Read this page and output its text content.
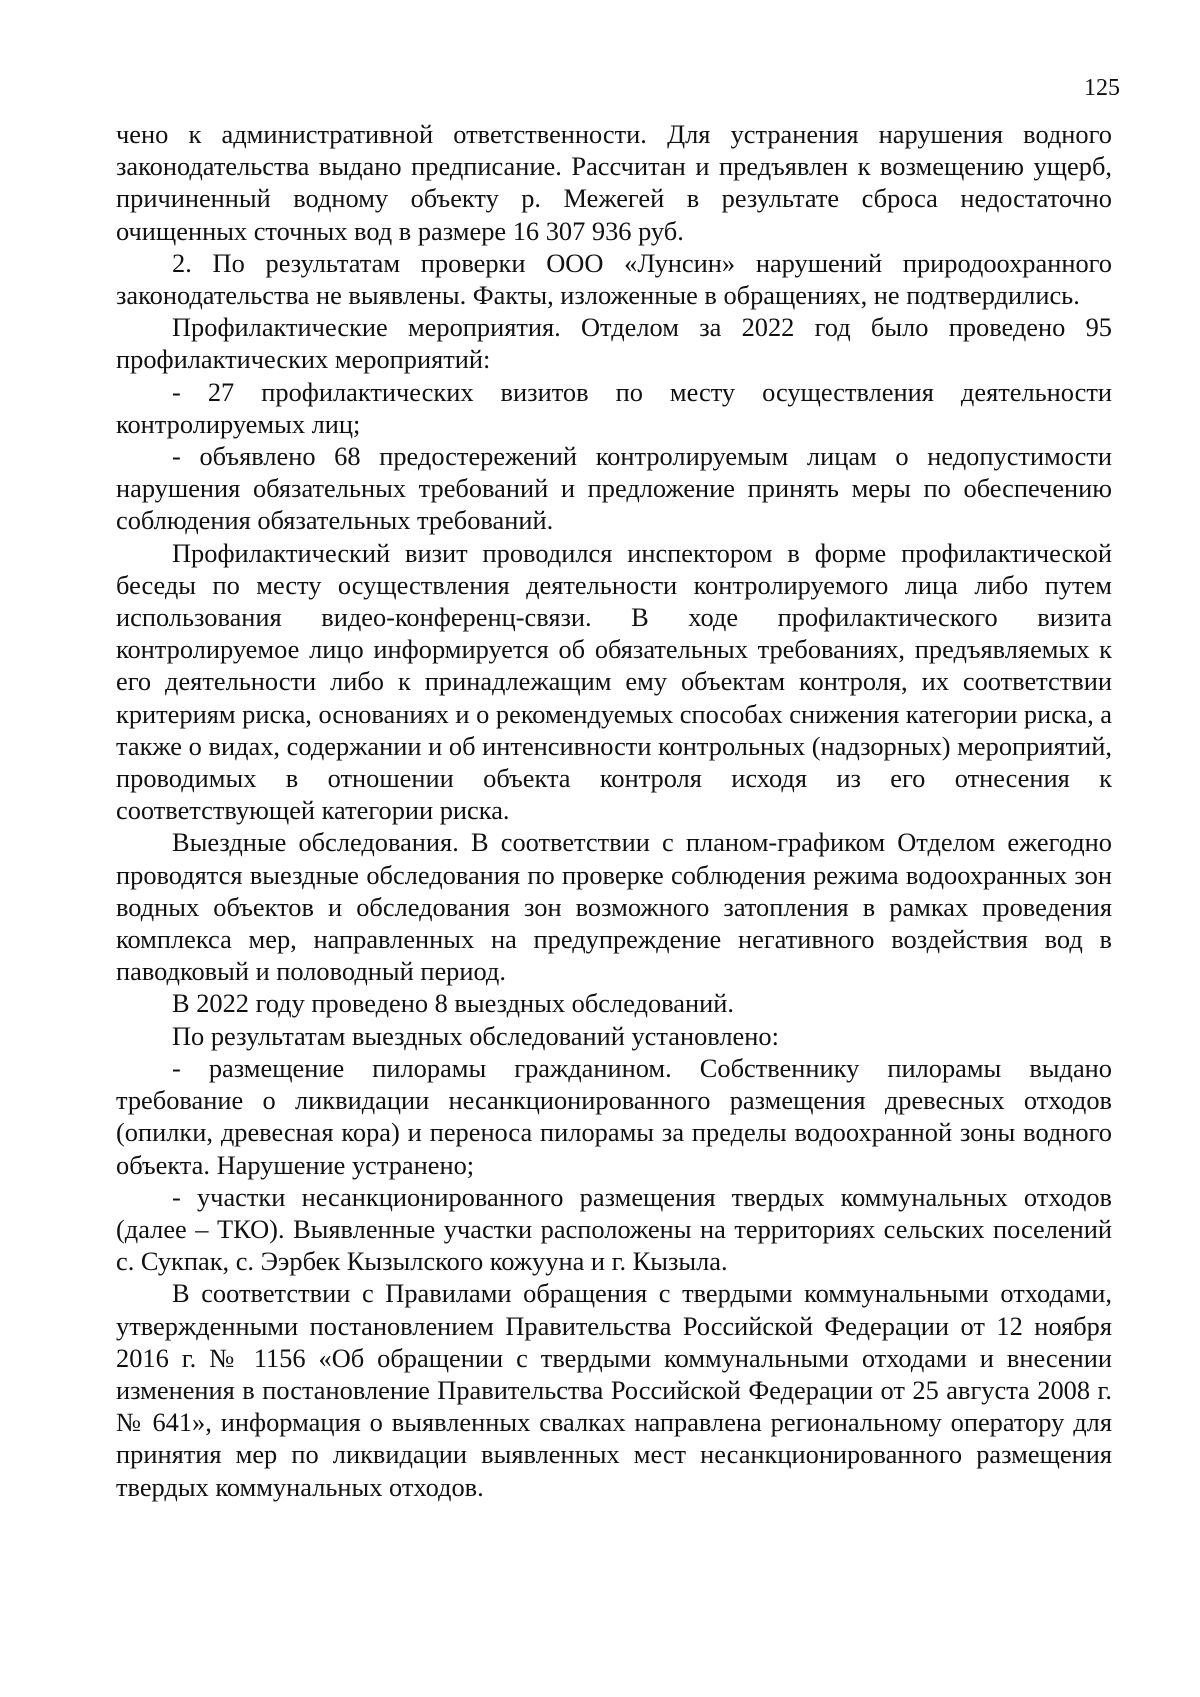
125

чено к административной ответственности. Для устранения нарушения водного законодательства выдано предписание. Рассчитан и предъявлен к возмещению ущерб, причиненный водному объекту р. Межегей в результате сброса недостаточно очищенных сточных вод в размере 16 307 936 руб.

2. По результатам проверки ООО «Лунсин» нарушений природоохранного законодательства не выявлены. Факты, изложенные в обращениях, не подтвердились.

Профилактические мероприятия. Отделом за 2022 год было проведено 95 профилактических мероприятий:

- 27 профилактических визитов по месту осуществления деятельности контролируемых лиц;

- объявлено 68 предостережений контролируемым лицам о недопустимости нарушения обязательных требований и предложение принять меры по обеспечению соблюдения обязательных требований.

Профилактический визит проводился инспектором в форме профилактической беседы по месту осуществления деятельности контролируемого лица либо путем использования видео-конференц-связи. В ходе профилактического визита контролируемое лицо информируется об обязательных требованиях, предъявляемых к его деятельности либо к принадлежащим ему объектам контроля, их соответствии критериям риска, основаниях и о рекомендуемых способах снижения категории риска, а также о видах, содержании и об интенсивности контрольных (надзорных) мероприятий, проводимых в отношении объекта контроля исходя из его отнесения к соответствующей категории риска.

Выездные обследования. В соответствии с планом-графиком Отделом ежегодно проводятся выездные обследования по проверке соблюдения режима водоохранных зон водных объектов и обследования зон возможного затопления в рамках проведения комплекса мер, направленных на предупреждение негативного воздействия вод в паводковый и половодный период.

В 2022 году проведено 8 выездных обследований.

По результатам выездных обследований установлено:

- размещение пилорамы гражданином. Собственнику пилорамы выдано требование о ликвидации несанкционированного размещения древесных отходов (опилки, древесная кора) и переноса пилорамы за пределы водоохранной зоны водного объекта. Нарушение устранено;

- участки несанкционированного размещения твердых коммунальных отходов (далее – ТКО). Выявленные участки расположены на территориях сельских поселений с. Сукпак, с. Ээрбек Кызылского кожууна и г. Кызыла.

В соответствии с Правилами обращения с твердыми коммунальными отходами, утвержденными постановлением Правительства Российской Федерации от 12 ноября 2016 г. № 1156 «Об обращении с твердыми коммунальными отходами и внесении изменения в постановление Правительства Российской Федерации от 25 августа 2008 г. № 641», информация о выявленных свалках направлена региональному оператору для принятия мер по ликвидации выявленных мест несанкционированного размещения твердых коммунальных отходов.
